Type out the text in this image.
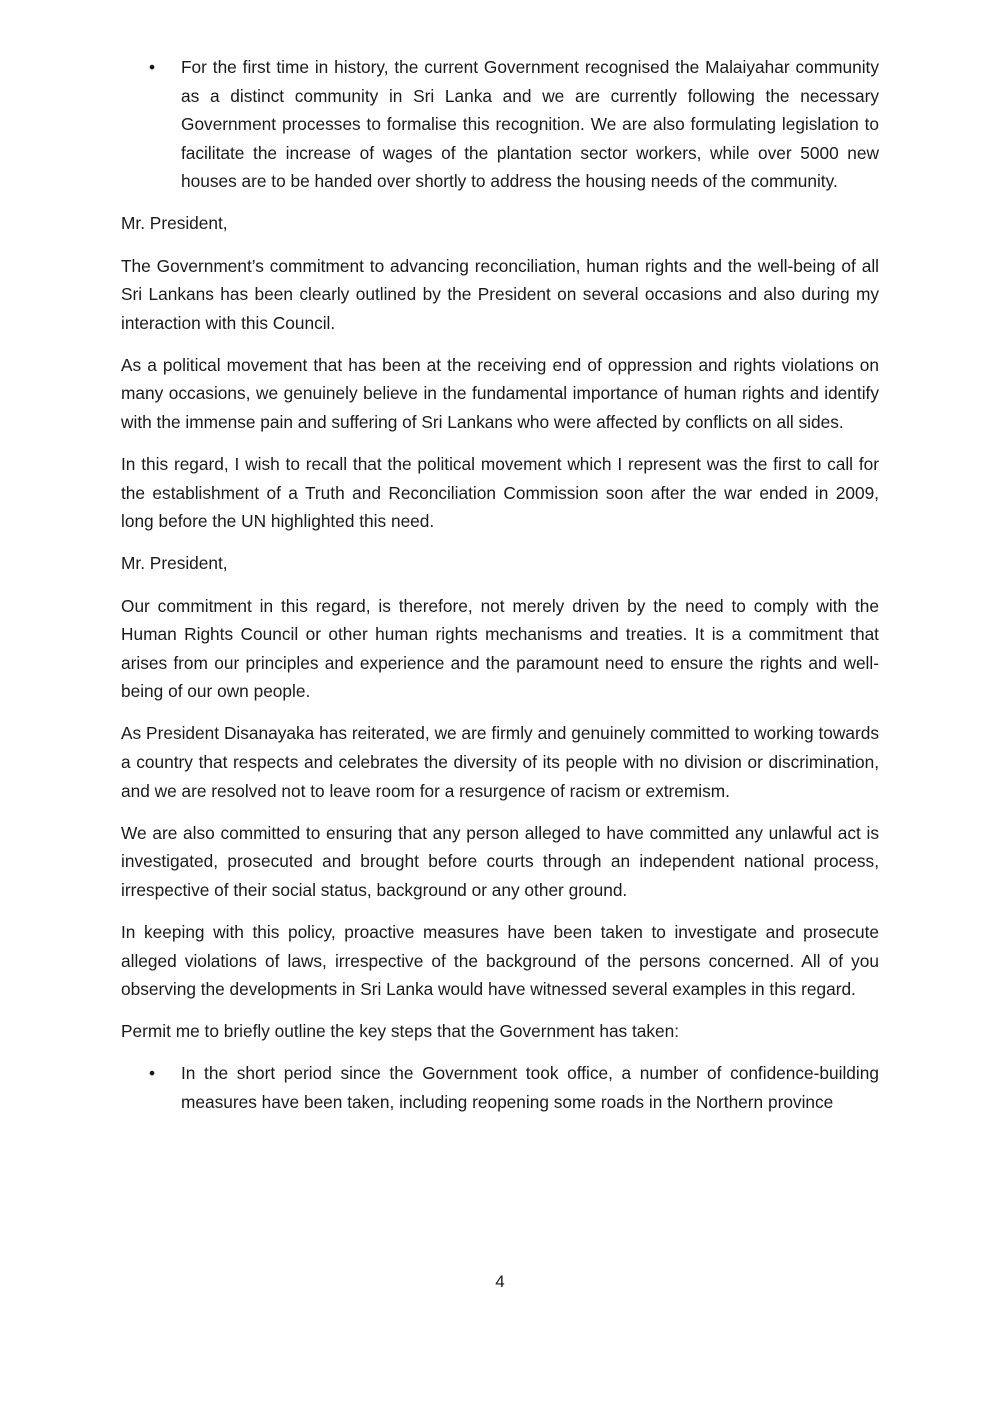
•	For the first time in history, the current Government recognised the Malaiyahar community as a distinct community in Sri Lanka and we are currently following the necessary Government processes to formalise this recognition. We are also formulating legislation to facilitate the increase of wages of the plantation sector workers, while over 5000 new houses are to be handed over shortly to address the housing needs of the community.

Mr. President,

The Government’s commitment to advancing reconciliation, human rights and the well-being of all Sri Lankans has been clearly outlined by the President on several occasions and also during my interaction with this Council.

As a political movement that has been at the receiving end of oppression and rights violations on many occasions, we genuinely believe in the fundamental importance of human rights and identify with the immense pain and suffering of Sri Lankans who were affected by conflicts on all sides.

In this regard, I wish to recall that the political movement which I represent was the first to call for the establishment of a Truth and Reconciliation Commission soon after the war ended in 2009, long before the UN highlighted this need.

Mr. President,

Our commitment in this regard, is therefore, not merely driven by the need to comply with the Human Rights Council or other human rights mechanisms and treaties. It is a commitment that arises from our principles and experience and the paramount need to ensure the rights and well-being of our own people.

As President Disanayaka has reiterated, we are firmly and genuinely committed to working towards a country that respects and celebrates the diversity of its people with no division or discrimination, and we are resolved not to leave room for a resurgence of racism or extremism.

We are also committed to ensuring that any person alleged to have committed any unlawful act is investigated, prosecuted and brought before courts through an independent national process, irrespective of their social status, background or any other ground.

In keeping with this policy, proactive measures have been taken to investigate and prosecute alleged violations of laws, irrespective of the background of the persons concerned. All of you observing the developments in Sri Lanka would have witnessed several examples in this regard.

Permit me to briefly outline the key steps that the Government has taken:

•	In the short period since the Government took office, a number of confidence-building measures have been taken, including reopening some roads in the Northern province
4
